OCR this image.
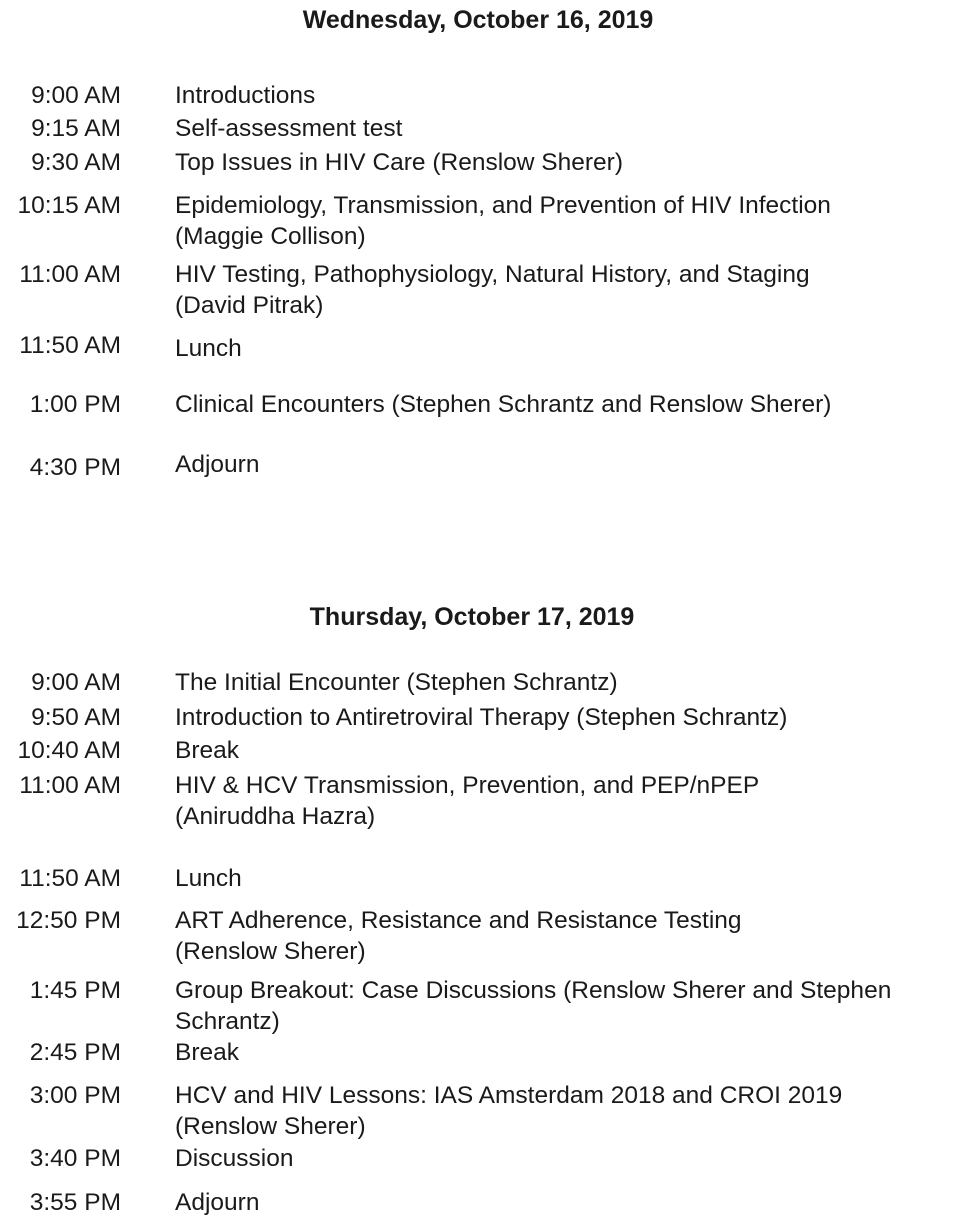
Wednesday, October 16, 2019
9:00 AM Introductions
9:15 AM Self-assessment test
9:30 AM Top Issues in HIV Care (Renslow Sherer)
10:15 AM Epidemiology, Transmission, and Prevention of HIV Infection
(Maggie Collison)
11:00 AM HIV Testing, Pathophysiology, Natural History, and Staging
(David Pitrak)
11:50 AM Lunch
1:00 PM Clinical Encounters (Stephen Schrantz and Renslow Sherer)
4:30 PM Adjourn
Thursday, October 17, 2019
9:00 AM The Initial Encounter (Stephen Schrantz)
9:50 AM Introduction to Antiretroviral Therapy (Stephen Schrantz)
10:40 AM Break
11:00 AM HIV & HCV Transmission, Prevention, and PEP/nPEP
(Aniruddha Hazra)
11:50 AM Lunch
12:50 PM ART Adherence, Resistance and Resistance Testing
(Renslow Sherer)
1:45 PM Group Breakout: Case Discussions (Renslow Sherer and Stephen
Schrantz)
2:45 PM Break
3:00 PM HCV and HIV Lessons: IAS Amsterdam 2018 and CROI 2019
(Renslow Sherer)
3:40 PM Discussion
3:55 PM Adjourn
